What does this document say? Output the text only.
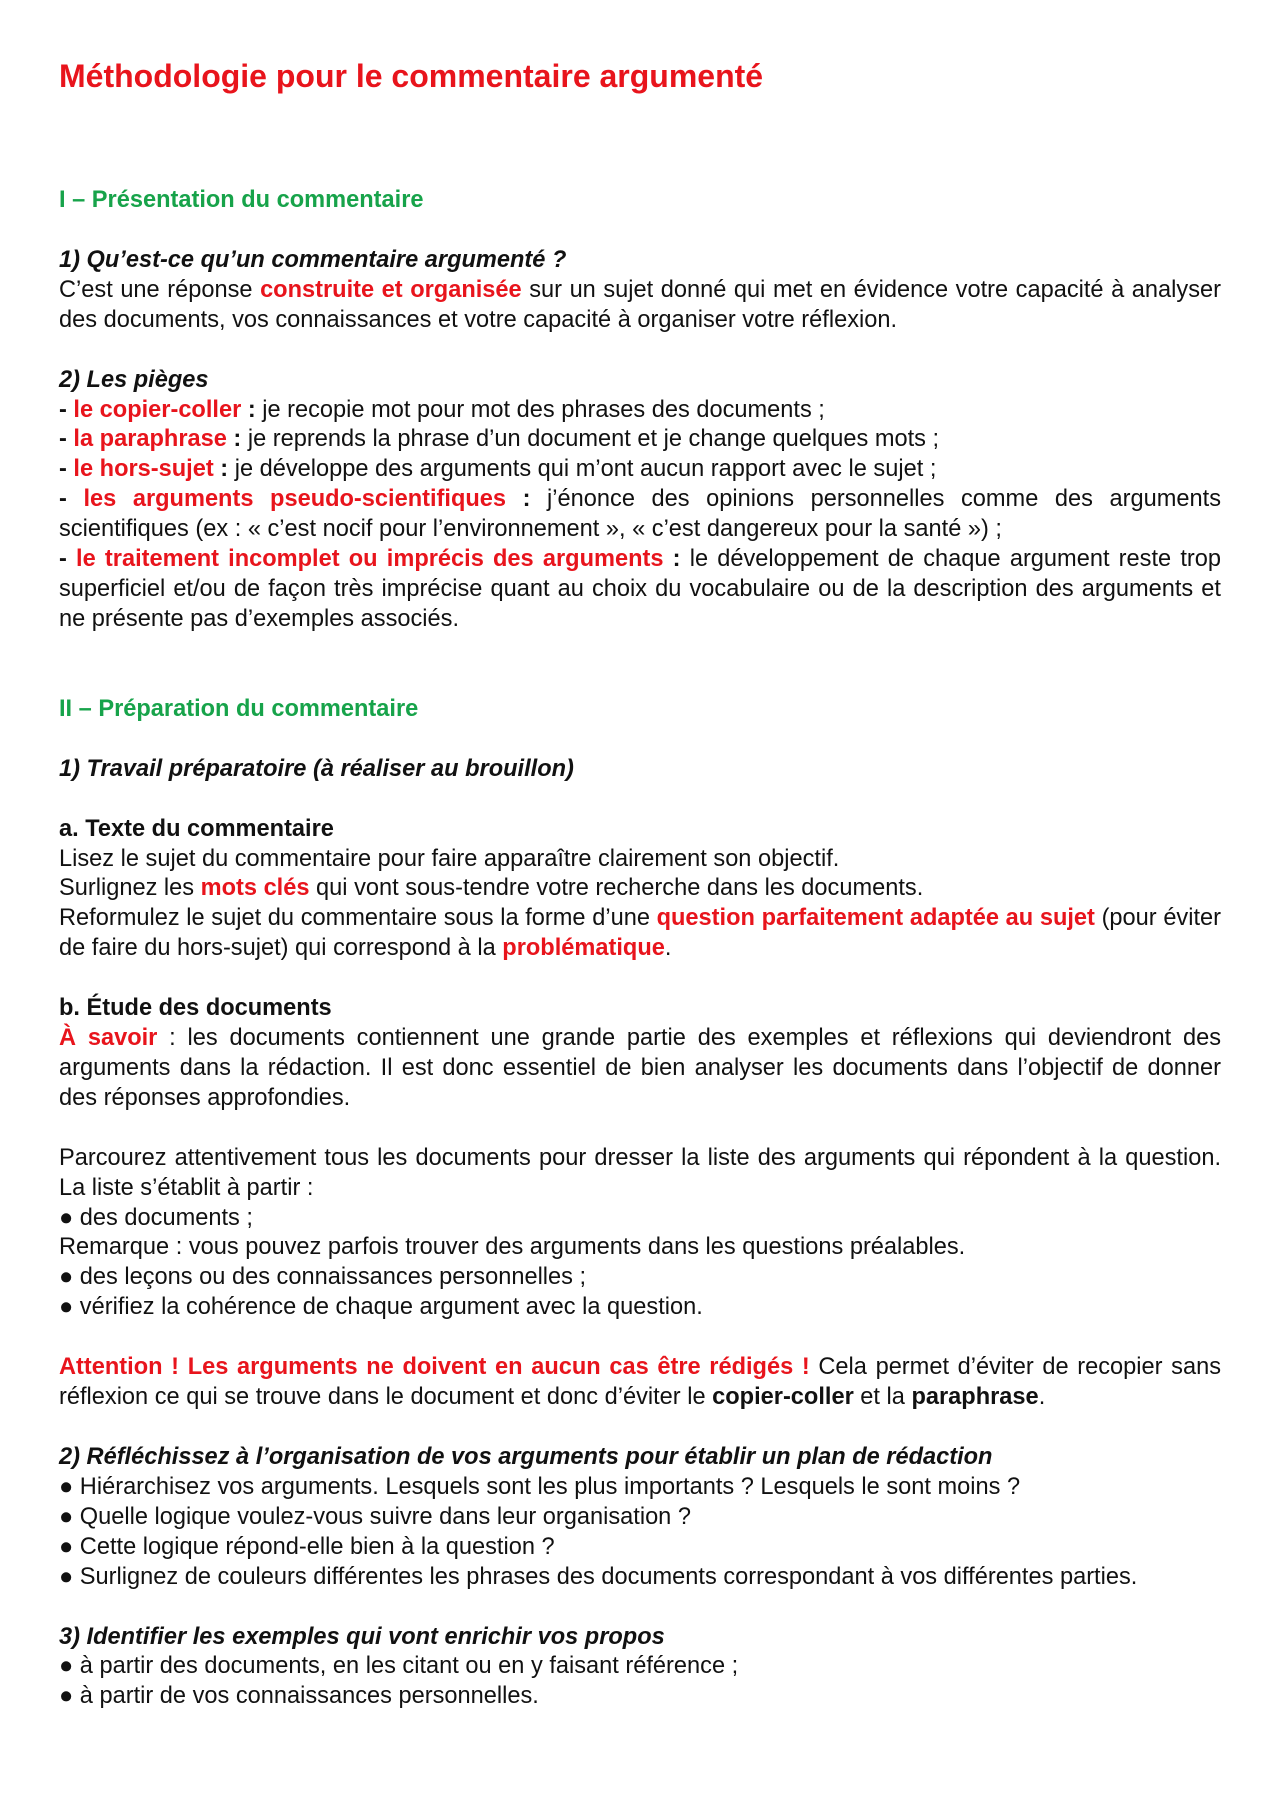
Méthodologie pour le commentaire argumenté
I – Présentation du commentaire

1) Qu’est-ce qu’un commentaire argumenté ?

C’est une réponse construite et organisée sur un sujet donné qui met en évidence votre capacité à analyser des documents, vos connaissances et votre capacité à organiser votre réflexion.

2) Les pièges

- le copier-coller : je recopie mot pour mot des phrases des documents ;

- la paraphrase : je reprends la phrase d’un document et je change quelques mots ;

- le hors-sujet : je développe des arguments qui m’ont aucun rapport avec le sujet ;

- les arguments pseudo-scientifiques : j’énonce des opinions personnelles comme des arguments scientifiques (ex : « c’est nocif pour l’environnement », « c’est dangereux pour la santé ») ;

- le traitement incomplet ou imprécis des arguments : le développement de chaque argument reste trop superficiel et/ou de façon très imprécise quant au choix du vocabulaire ou de la description des arguments et ne présente pas d’exemples associés.

II – Préparation du commentaire

1) Travail préparatoire (à réaliser au brouillon)

a. Texte du commentaire

Lisez le sujet du commentaire pour faire apparaître clairement son objectif.

Surlignez les mots clés qui vont sous-tendre votre recherche dans les documents.

Reformulez le sujet du commentaire sous la forme d’une question parfaitement adaptée au sujet (pour éviter de faire du hors-sujet) qui correspond à la problématique.

b. Étude des documents

À savoir : les documents contiennent une grande partie des exemples et réflexions qui deviendront des arguments dans la rédaction. Il est donc essentiel de bien analyser les documents dans l’objectif de donner des réponses approfondies.

Parcourez attentivement tous les documents pour dresser la liste des arguments qui répondent à la question. La liste s’établit à partir :

● des documents ;

Remarque : vous pouvez parfois trouver des arguments dans les questions préalables.

● des leçons ou des connaissances personnelles ;

● vérifiez la cohérence de chaque argument avec la question.

Attention ! Les arguments ne doivent en aucun cas être rédigés ! Cela permet d’éviter de recopier sans réflexion ce qui se trouve dans le document et donc d’éviter le copier-coller et la paraphrase.

2) Réfléchissez à l’organisation de vos arguments pour établir un plan de rédaction

● Hiérarchisez vos arguments. Lesquels sont les plus importants ? Lesquels le sont moins ?

● Quelle logique voulez-vous suivre dans leur organisation ?

● Cette logique répond-elle bien à la question ?

● Surlignez de couleurs différentes les phrases des documents correspondant à vos différentes parties.

3) Identifier les exemples qui vont enrichir vos propos

● à partir des documents, en les citant ou en y faisant référence ;

● à partir de vos connaissances personnelles.
